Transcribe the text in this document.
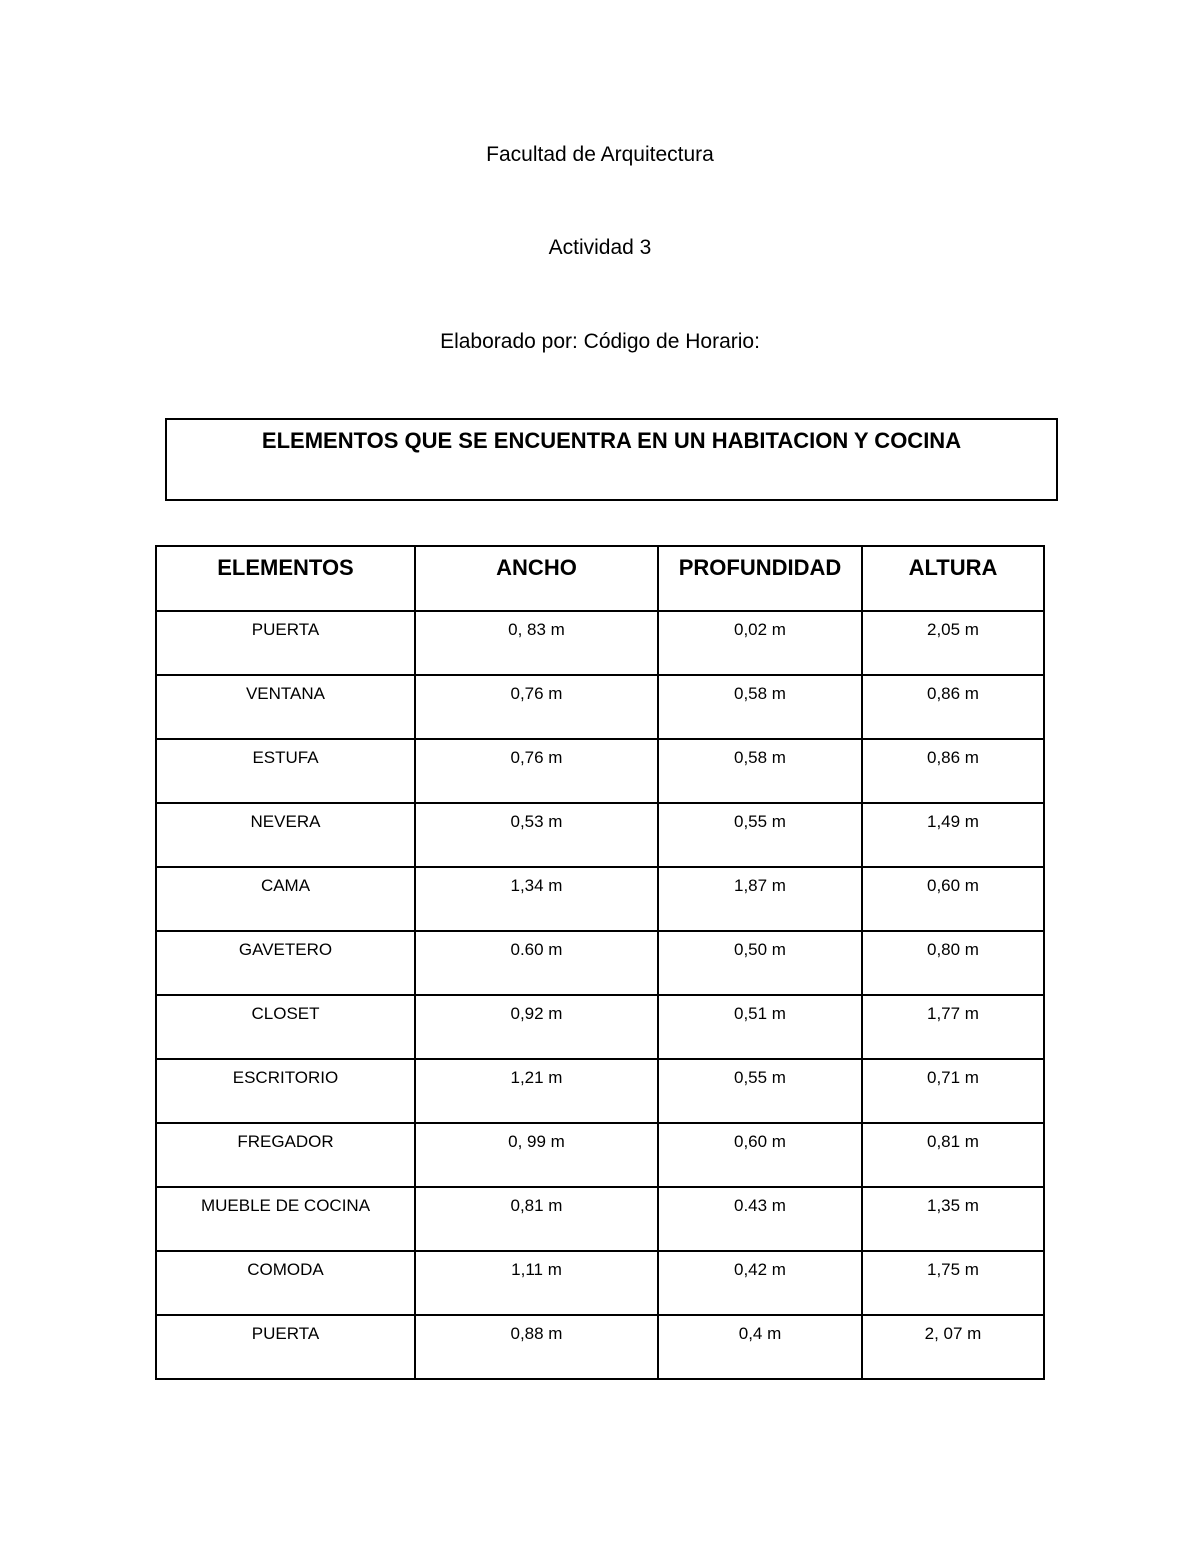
Facultad de Arquitectura
Actividad 3
Elaborado por: Código de Horario:
ELEMENTOS QUE SE ENCUENTRA EN UN HABITACION Y COCINA
ELEMENTOS	ANCHO	PROFUNDIDAD	ALTURA
PUERTA	0, 83 m	0,02 m	2,05 m
VENTANA	0,76 m	0,58 m	0,86 m
ESTUFA	0,76 m	0,58 m	0,86 m
NEVERA	0,53 m	0,55 m	1,49 m
CAMA	1,34 m	1,87 m	0,60 m
GAVETERO	0.60 m	0,50 m	0,80 m
CLOSET	0,92 m	0,51 m	1,77 m
ESCRITORIO	1,21 m	0,55 m	0,71 m
FREGADOR	0, 99 m	0,60 m	0,81 m
MUEBLE DE COCINA	0,81 m	0.43 m	1,35 m
COMODA	1,11 m	0,42 m	1,75 m
PUERTA	0,88 m	0,4 m	2, 07 m
